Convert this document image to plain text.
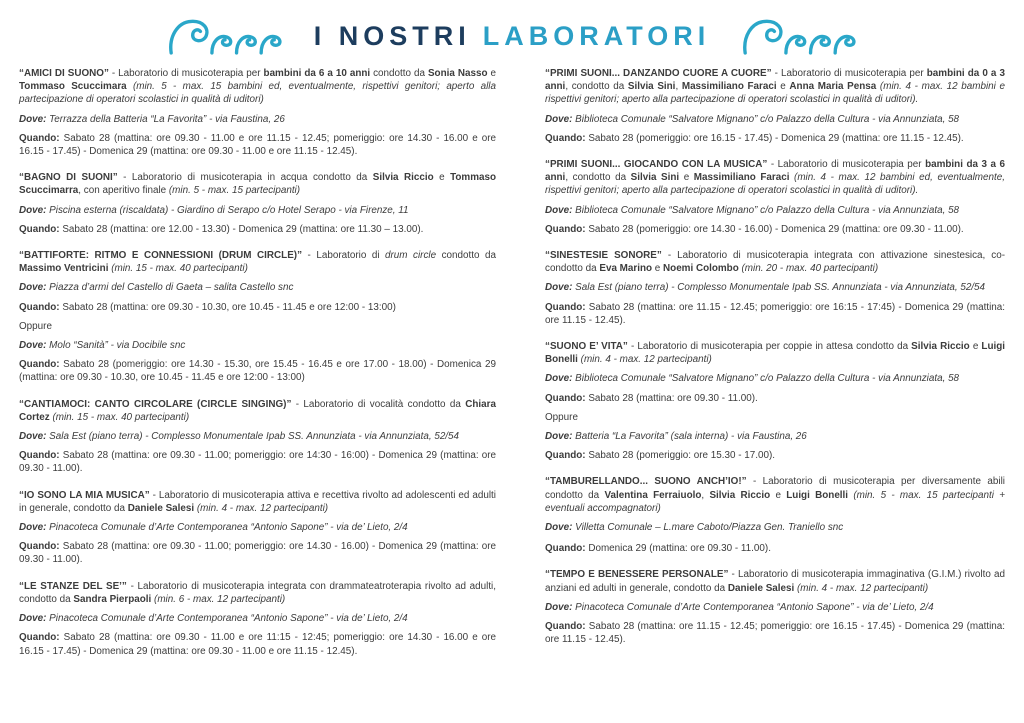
I NOSTRI LABORATORI

“AMICI DI SUONO” - Laboratorio di musicoterapia per bambini da 6 a 10 anni condotto da Sonia Nasso e Tommaso Scuccimara (min. 5 - max. 15 bambini ed, eventualmente, rispettivi genitori; aperto alla partecipazione di operatori scolastici in qualità di uditori)

Dove: Terrazza della Batteria “La Favorita” - via Faustina, 26

Quando: Sabato 28 (mattina: ore 09.30 - 11.00 e ore 11.15 - 12.45; pomeriggio: ore 14.30 - 16.00 e ore 16.15 - 17.45) - Domenica 29 (mattina: ore 09.30 - 11.00 e ore 11.15 - 12.45).

“BAGNO DI SUONI” - Laboratorio di musicoterapia in acqua condotto da Silvia Riccio e Tommaso Scuccimarra, con aperitivo finale (min. 5 - max. 15 partecipanti)

Dove: Piscina esterna (riscaldata) - Giardino di Serapo c/o Hotel Serapo - via Firenze, 11

Quando: Sabato 28 (mattina: ore 12.00 - 13.30) - Domenica 29 (mattina: ore 11.30 – 13.00).

“BATTIFORTE: RITMO E CONNESSIONI (DRUM CIRCLE)” - Laboratorio di drum circle condotto da Massimo Ventricini (min. 15 - max. 40 partecipanti)

Dove: Piazza d’armi del Castello di Gaeta – salita Castello snc

Quando: Sabato 28 (mattina: ore 09.30 - 10.30, ore 10.45 - 11.45 e ore 12:00 - 13:00)

Oppure

Dove: Molo “Sanità” - via Docibile snc

Quando: Sabato 28 (pomeriggio: ore 14.30 - 15.30, ore 15.45 - 16.45 e ore 17.00 - 18.00) - Domenica 29 (mattina: ore 09.30 - 10.30, ore 10.45 - 11.45 e ore 12:00 - 13:00)

“CANTIAMOCI: CANTO CIRCOLARE (CIRCLE SINGING)” - Laboratorio di vocalità condotto da Chiara Cortez (min. 15 - max. 40 partecipanti)

Dove: Sala Est (piano terra) - Complesso Monumentale Ipab SS. Annunziata - via Annunziata, 52/54

Quando: Sabato 28 (mattina: ore 09.30 - 11.00; pomeriggio: ore 14:30 - 16:00) - Domenica 29 (mattina: ore 09.30 - 11.00).

“IO SONO LA MIA MUSICA” - Laboratorio di musicoterapia attiva e recettiva rivolto ad adolescenti ed adulti in generale, condotto da Daniele Salesi (min. 4 - max. 12 partecipanti)

Dove: Pinacoteca Comunale d’Arte Contemporanea “Antonio Sapone” - via de’ Lieto, 2/4

Quando: Sabato 28 (mattina: ore 09.30 - 11.00; pomeriggio: ore 14.30 - 16.00) - Domenica 29 (mattina: ore 09.30 - 11.00).

“LE STANZE DEL SE’” - Laboratorio di musicoterapia integrata con drammateatroterapia rivolto ad adulti, condotto da Sandra Pierpaoli (min. 6 - max. 12 partecipanti)

Dove: Pinacoteca Comunale d’Arte Contemporanea “Antonio Sapone” - via de’ Lieto, 2/4

Quando: Sabato 28 (mattina: ore 09.30 - 11.00 e ore 11:15 - 12:45; pomeriggio: ore 14.30 - 16.00 e ore 16.15 - 17.45) - Domenica 29 (mattina: ore 09.30 - 11.00 e ore 11.15 - 12.45).

“PRIMI SUONI... DANZANDO CUORE A CUORE” - Laboratorio di musicoterapia per bambini da 0 a 3 anni, condotto da Silvia Sini, Massimiliano Faraci e Anna Maria Pensa (min. 4 - max. 12 bambini e rispettivi genitori; aperto alla partecipazione di operatori scolastici in qualità di uditori).

Dove: Biblioteca Comunale “Salvatore Mignano” c/o Palazzo della Cultura - via Annunziata, 58

Quando: Sabato 28 (pomeriggio: ore 16.15 - 17.45) - Domenica 29 (mattina: ore 11.15 - 12.45).

“PRIMI SUONI... GIOCANDO CON LA MUSICA” - Laboratorio di musicoterapia per bambini da 3 a 6 anni, condotto da Silvia Sini e Massimiliano Faraci (min. 4 - max. 12 bambini ed, eventualmente, rispettivi genitori; aperto alla partecipazione di operatori scolastici in qualità di uditori).

Dove: Biblioteca Comunale “Salvatore Mignano” c/o Palazzo della Cultura - via Annunziata, 58

Quando: Sabato 28 (pomeriggio: ore 14.30 - 16.00) - Domenica 29 (mattina: ore 09.30 - 11.00).

“SINESTESIE SONORE” - Laboratorio di musicoterapia integrata con attivazione sinestesica, co-condotto da Eva Marino e Noemi Colombo (min. 20 - max. 40 partecipanti)

Dove: Sala Est (piano terra) - Complesso Monumentale Ipab SS. Annunziata - via Annunziata, 52/54

Quando: Sabato 28 (mattina: ore 11.15 - 12.45; pomeriggio: ore 16:15 - 17:45) - Domenica 29 (mattina: ore 11.15 - 12.45).

“SUONO E’ VITA” - Laboratorio di musicoterapia per coppie in attesa condotto da Silvia Riccio e Luigi Bonelli (min. 4 - max. 12 partecipanti)

Dove: Biblioteca Comunale “Salvatore Mignano” c/o Palazzo della Cultura - via Annunziata, 58

Quando: Sabato 28 (mattina: ore 09.30 - 11.00).

Oppure

Dove: Batteria “La Favorita” (sala interna) - via Faustina, 26

Quando: Sabato 28 (pomeriggio: ore 15.30 - 17.00).

“TAMBURELLANDO... SUONO ANCH’IO!” - Laboratorio di musicoterapia per diversamente abili condotto da Valentina Ferraiuolo, Silvia Riccio e Luigi Bonelli (min. 5 - max. 15 partecipanti + eventuali accompagnatori)

Dove: Villetta Comunale – L.mare Caboto/Piazza Gen. Traniello snc

Quando: Domenica 29 (mattina: ore 09.30 - 11.00).

“TEMPO E BENESSERE PERSONALE” - Laboratorio di musicoterapia immaginativa (G.I.M.) rivolto ad anziani ed adulti in generale, condotto da Daniele Salesi (min. 4 - max. 12 partecipanti)

Dove: Pinacoteca Comunale d’Arte Contemporanea “Antonio Sapone” - via de’ Lieto, 2/4

Quando: Sabato 28 (mattina: ore 11.15 - 12.45; pomeriggio: ore 16.15 - 17.45) - Domenica 29 (mattina: ore 11.15 - 12.45).
